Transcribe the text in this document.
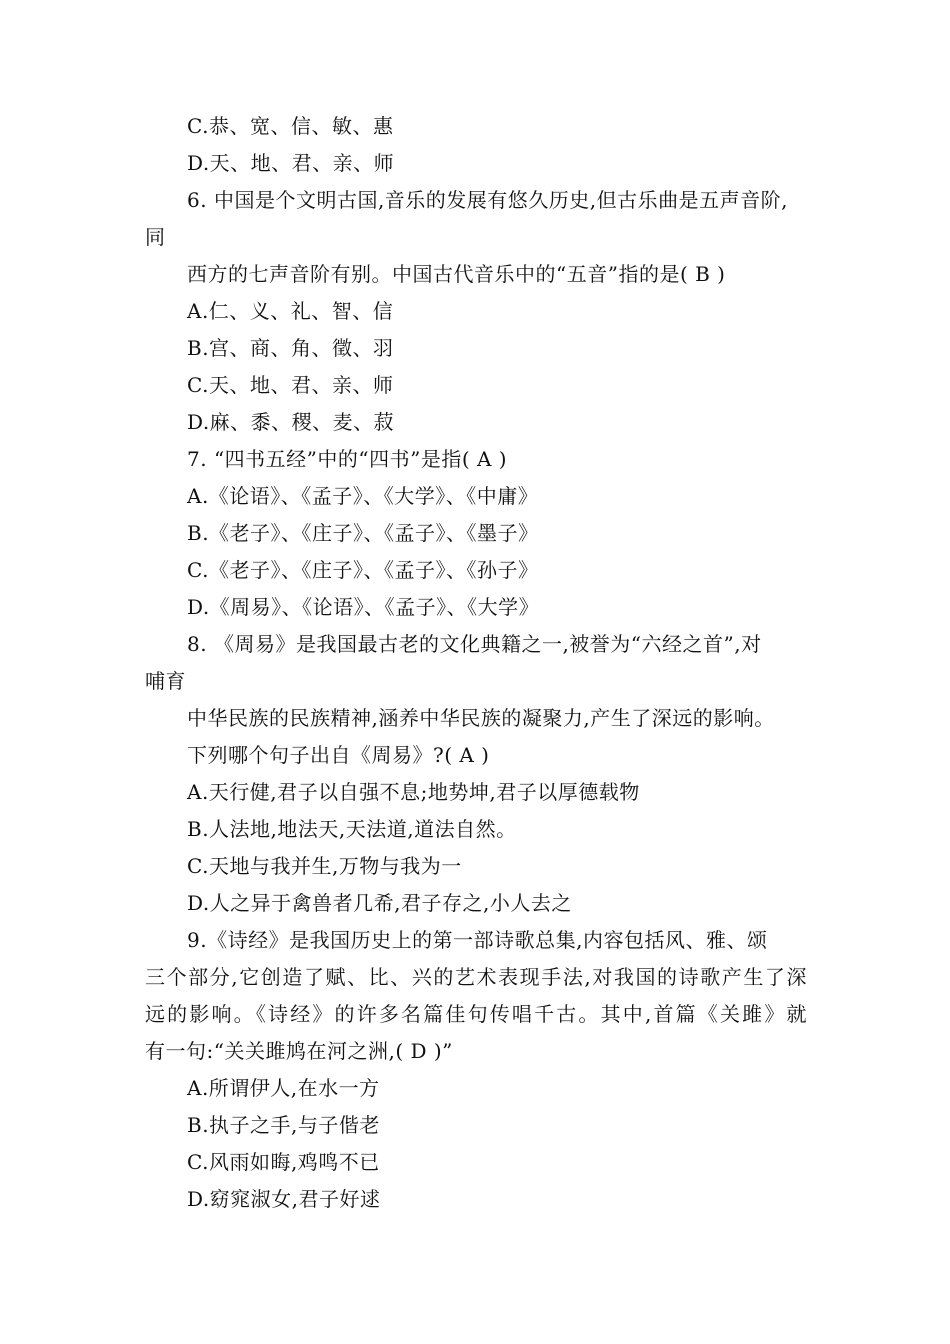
C.恭、宽、信、敏、惠
D.天、地、君、亲、师
6. 中国是个文明古国,音乐的发展有悠久历史,但古乐曲是五声音阶,
同
西方的七声音阶有别。中国古代音乐中的“五音”指的是( B )
A.仁、义、礼、智、信
B.宫、商、角、徵、羽
C.天、地、君、亲、师
D.麻、黍、稷、麦、菽
7. “四书五经”中的“四书”是指( A )
A.《论语》、《孟子》、《大学》、《中庸》
B.《老子》、《庄子》、《孟子》、《墨子》
C.《老子》、《庄子》、《孟子》、《孙子》
D.《周易》、《论语》、《孟子》、《大学》
8. 《周易》是我国最古老的文化典籍之一,被誉为“六经之首”,对
哺育
中华民族的民族精神,涵养中华民族的凝聚力,产生了深远的影响。
下列哪个句子出自《周易》?( A )
A.天行健,君子以自强不息;地势坤,君子以厚德载物
B.人法地,地法天,天法道,道法自然。
C.天地与我并生,万物与我为一
D.人之异于禽兽者几希,君子存之,小人去之
9.《诗经》是我国历史上的第一部诗歌总集,内容包括风、雅、颂
三个部分,它创造了赋、比、兴的艺术表现手法,对我国的诗歌产生了深
远的影响。《诗经》的许多名篇佳句传唱千古。其中,首篇《关雎》就
有一句:“关关雎鸠在河之洲,( D )”
A.所谓伊人,在水一方
B.执子之手,与子偕老
C.风雨如晦,鸡鸣不已
D.窈窕淑女,君子好逑
